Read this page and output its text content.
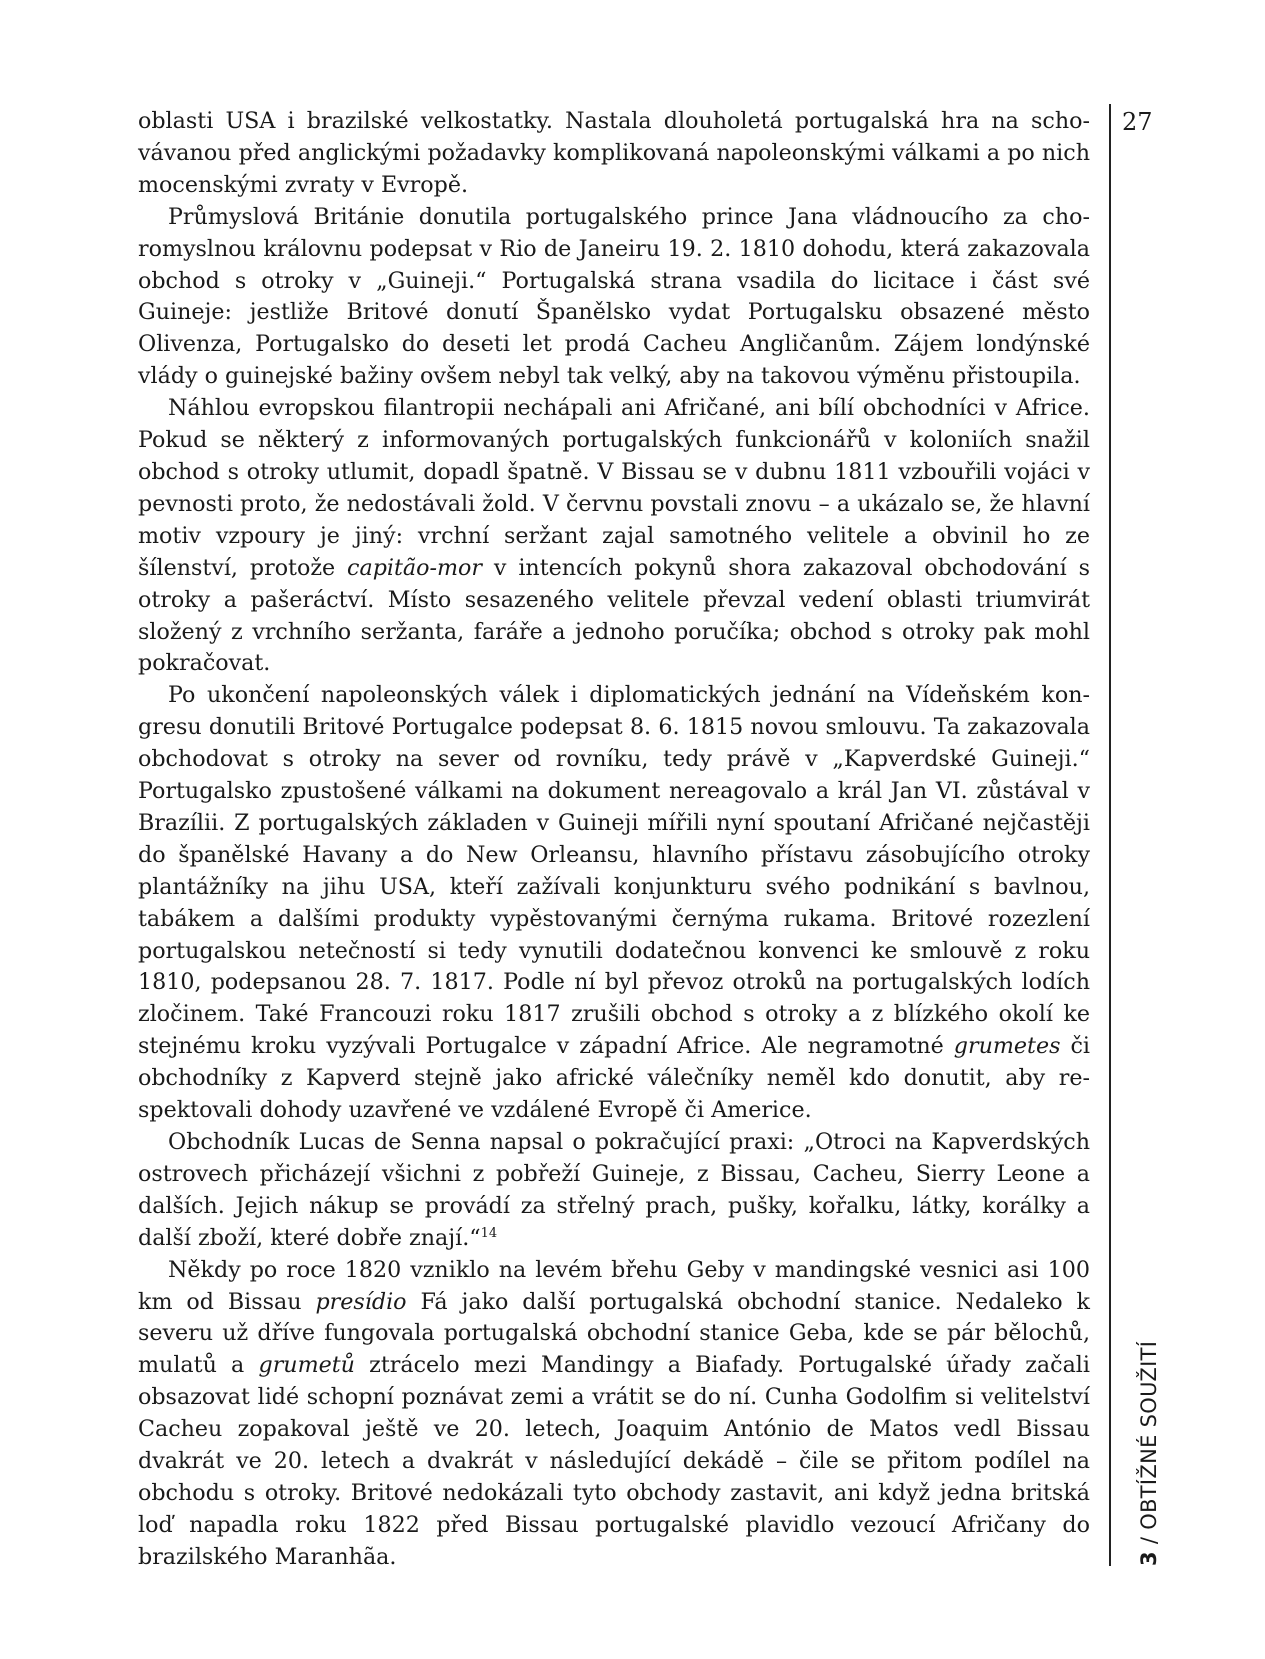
oblasti USA i brazilské velkostatky. Nastala dlouholetá portugalská hra na schovávanou před anglickými požadavky komplikovaná napoleonskými válkami a po nich mocenskými zvraty v Evropě.

Průmyslová Británie donutila portugalského prince Jana vládnoucího za choromyslnou královnu podepsat v Rio de Janeiru 19. 2. 1810 dohodu, která zakazovala obchod s otroky v „Guineji.“ Portugalská strana vsadila do licitace i část své Guineje: jestliže Britové donutí Španělsko vydat Portugalsku obsazené město Olivenza, Portugalsko do deseti let prodá Cacheu Angličanům. Zájem londýnské vlády o guinejské bažiny ovšem nebyl tak velký, aby na takovou výměnu přistoupila.

Náhlou evropskou filantropii nechápali ani Afričané, ani bílí obchodníci v Africe. Pokud se některý z informovaných portugalských funkcionářů v koloniích snažil obchod s otroky utlumit, dopadl špatně. V Bissau se v dubnu 1811 vzbouřili vojáci v pevnosti proto, že nedostávali žold. V červnu povstali znovu – a ukázalo se, že hlavní motiv vzpoury je jiný: vrchní seržant zajal samotného velitele a obvinil ho ze šílenství, protože capitão-mor v intencích pokynů shora zakazoval obchodování s otroky a pašeráctví. Místo sesazeného velitele převzal vedení oblasti triumvirát složený z vrchního seržanta, faráře a jednoho poručíka; obchod s otroky pak mohl pokračovat.

Po ukončení napoleonských válek i diplomatických jednání na Vídeňském kongresu donutili Britové Portugalce podepsat 8. 6. 1815 novou smlouvu. Ta zakazovala obchodovat s otroky na sever od rovníku, tedy právě v „Kapverdské Guineji.“ Portugalsko zpustošené válkami na dokument nereagovalo a král Jan VI. zůstával v Brazílii. Z portugalských základen v Guineji mířili nyní spoutaní Afričané nejčastěji do španělské Havany a do New Orleansu, hlavního přístavu zásobujícího otroky plantážníky na jihu USA, kteří zažívali konjunkturu svého podnikání s bavlnou, tabákem a dalšími produkty vypěstovanými černýma rukama. Britové rozezlení portugalskou netečností si tedy vynutili dodatečnou konvenci ke smlouvě z roku 1810, podepsanou 28. 7. 1817. Podle ní byl převoz otroků na portugalských lodích zločinem. Také Francouzi roku 1817 zrušili obchod s otroky a z blízkého okolí ke stejnému kroku vyzývali Portugalce v západní Africe. Ale negramotné grumetes či obchodníky z Kapverd stejně jako africké válečníky neměl kdo donutit, aby respektovali dohody uzavřené ve vzdálené Evropě či Americe.

Obchodník Lucas de Senna napsal o pokračující praxi: „Otroci na Kapverdských ostrovech přicházejí všichni z pobřeží Guineje, z Bissau, Cacheu, Sierry Leone a dalších. Jejich nákup se provádí za střelný prach, pušky, kořalku, látky, korálky a další zboží, které dobře znají.“$^{14}$

Někdy po roce 1820 vzniklo na levém břehu Geby v mandingské vesnici asi 100 km od Bissau presídio Fá jako další portugalská obchodní stanice. Nedaleko k severu už dříve fungovala portugalská obchodní stanice Geba, kde se pár bělochů, mulatů a grumetů ztrácelo mezi Mandingy a Biafady. Portugalské úřady začali obsazovat lidé schopní poznávat zemi a vrátit se do ní. Cunha Godolfim si velitelství Cacheu zopakoval ještě ve 20. letech, Joaquim António de Matos vedl Bissau dvakrát ve 20. letech a dvakrát v následující dekádě – čile se přitom podílel na obchodu s otroky. Britové nedokázali tyto obchody zastavit, ani když jedna britská loď napadla roku 1822 před Bissau portugalské plavidlo vezoucí Afričany do brazilského Maranhãa.

27
3 / OBTÍŽNÉ SOUŽITÍ
